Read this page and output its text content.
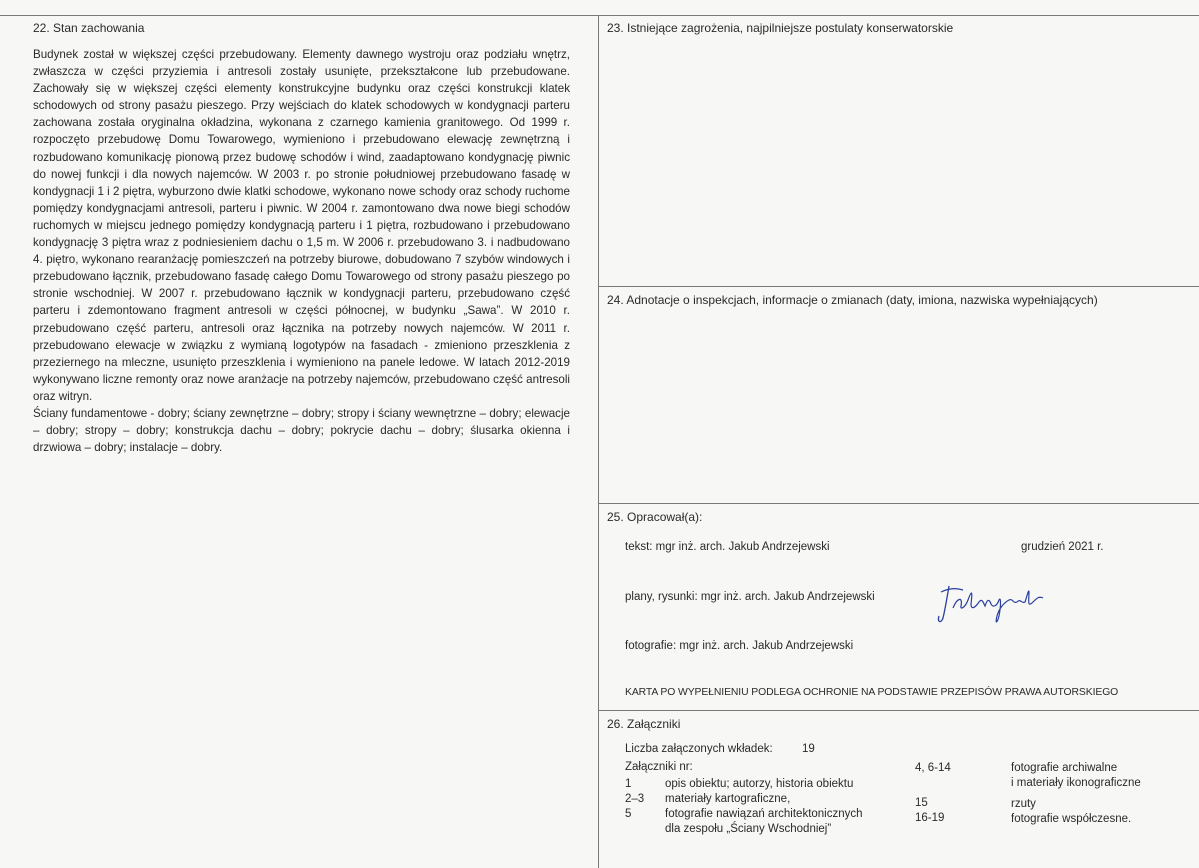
22. Stan zachowania

Budynek został w większej części przebudowany. Elementy dawnego wystroju oraz podziału wnętrz, zwłaszcza w części przyziemia i antresoli zostały usunięte, przekształcone lub przebudowane. Zachowały się w większej części elementy konstrukcyjne budynku oraz części konstrukcji klatek schodowych od strony pasażu pieszego. Przy wejściach do klatek schodowych w kondygnacji parteru zachowana została oryginalna okładzina, wykonana z czarnego kamienia granitowego. Od 1999 r. rozpoczęto przebudowę Domu Towarowego, wymieniono i przebudowano elewację zewnętrzną i rozbudowano komunikację pionową przez budowę schodów i wind, zaadaptowano kondygnację piwnic do nowej funkcji i dla nowych najemców. W 2003 r. po stronie południowej przebudowano fasadę w kondygnacji 1 i 2 piętra, wyburzono dwie klatki schodowe, wykonano nowe schody oraz schody ruchome pomiędzy kondygnacjami antresoli, parteru i piwnic. W 2004 r. zamontowano dwa nowe biegi schodów ruchomych w miejscu jednego pomiędzy kondygnacją parteru i 1 piętra, rozbudowano i przebudowano kondygnację 3 piętra wraz z podniesieniem dachu o 1,5 m. W 2006 r. przebudowano 3. i nadbudowano 4. piętro, wykonano rearanżację pomieszczeń na potrzeby biurowe, dobudowano 7 szybów windowych i przebudowano łącznik, przebudowano fasadę całego Domu Towarowego od strony pasażu pieszego po stronie wschodniej. W 2007 r. przebudowano łącznik w kondygnacji parteru, przebudowano część parteru i zdemontowano fragment antresoli w części północnej, w budynku „Sawa”. W 2010 r. przebudowano część parteru, antresoli oraz łącznika na potrzeby nowych najemców. W 2011 r. przebudowano elewacje w związku z wymianą logotypów na fasadach - zmieniono przeszklenia z przeziernego na mleczne, usunięto przeszklenia i wymieniono na panele ledowe. W latach 2012-2019 wykonywano liczne remonty oraz nowe aranżacje na potrzeby najemców, przebudowano część antresoli oraz witryn.

Ściany fundamentowe - dobry; ściany zewnętrzne – dobry; stropy i ściany wewnętrzne – dobry; elewacje – dobry; stropy – dobry; konstrukcja dachu – dobry; pokrycie dachu – dobry; ślusarka okienna i drzwiowa – dobry; instalacje – dobry.

23. Istniejące zagrożenia, najpilniejsze postulaty konserwatorskie
24. Adnotacje o inspekcjach, informacje o zmianach (daty, imiona, nazwiska wypełniających)
25. Opracował(a):
tekst: mgr inż. arch. Jakub Andrzejewski	grudzień 2021 r.
plany, rysunki: mgr inż. arch. Jakub Andrzejewski
fotografie: mgr inż. arch. Jakub Andrzejewski
KARTA PO WYPEŁNIENIU PODLEGA OCHRONIE NA PODSTAWIE PRZEPISÓW PRAWA AUTORSKIEGO
26. Załączniki
Liczba załączonych wkładek:	19
Załączniki nr:
1	opis obiektu; autorzy, historia obiektu
2–3 materiały kartograficzne,
5	fotografie nawiązań architektonicznych
dla zespołu „Ściany Wschodniej”
4, 6-14	fotografie archiwalne
i materiały ikonograficzne
15	rzuty
16-19	fotografie współczesne.
